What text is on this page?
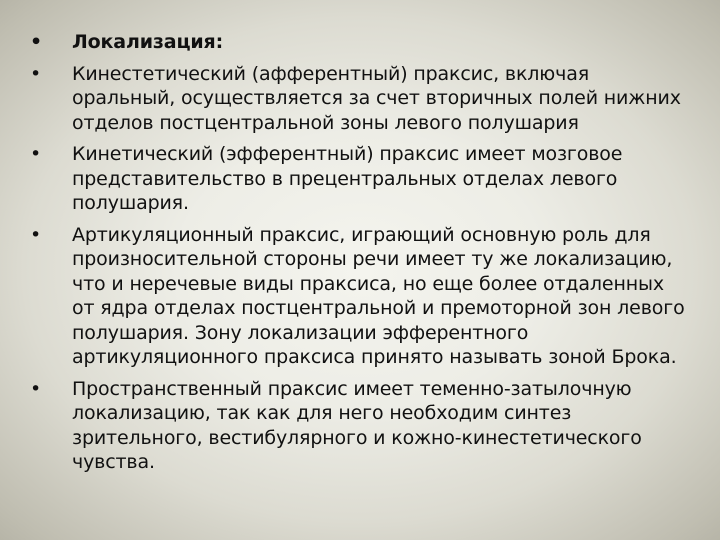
• Локализация:
• Кинестетический (афферентный) праксис, включая оральный, осуществляется за счет вторичных полей нижних отделов постцентральной зоны левого полушария
• Кинетический (эфферентный) праксис имеет мозговое представительство в прецентральных отделах левого полушария.
• Артикуляционный праксис, играющий основную роль для произносительной стороны речи имеет ту же локализацию, что и неречевые виды праксиса, но еще более отдаленных от ядра отделах постцентральной и премоторной зон левого полушария. Зону локализации эфферентного артикуляционного праксиса принято называть зоной Брока.
• Пространственный праксис имеет теменно-затылочную локализацию, так как для него необходим синтез зрительного, вестибулярного и кожно-кинестетического чувства.
